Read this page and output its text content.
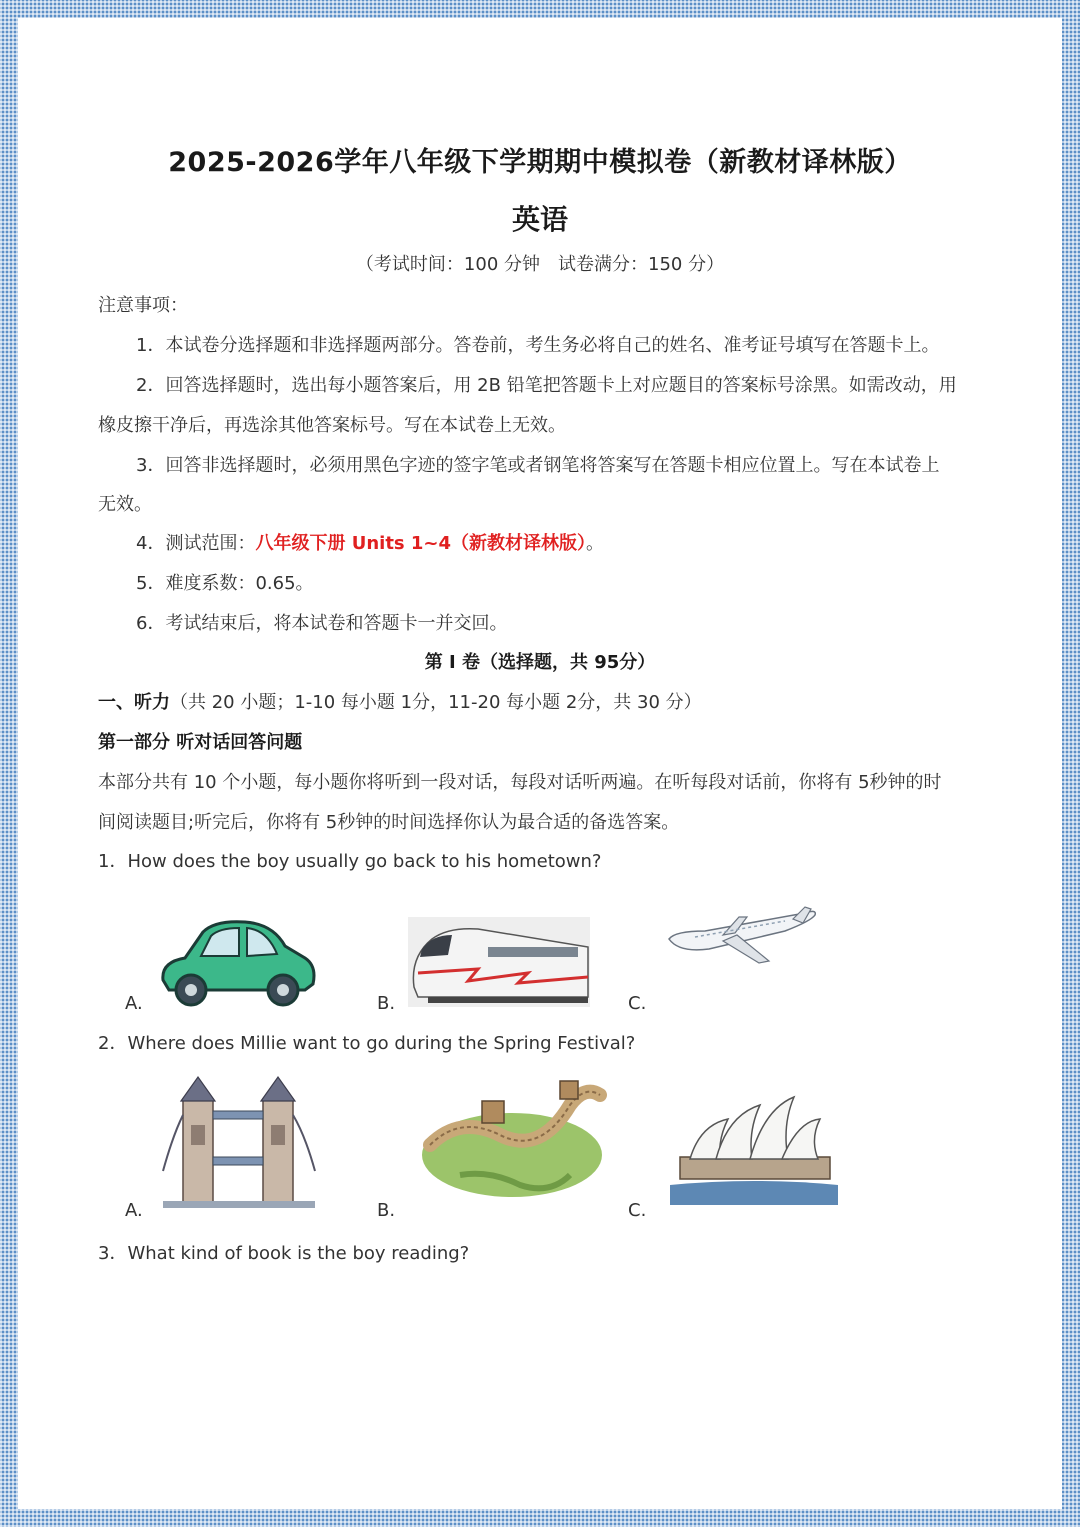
2025-2026学年八年级下学期期中模拟卷（新教材译林版）
英语
（考试时间：100 分钟　试卷满分：150 分）
注意事项：
1．本试卷分选择题和非选择题两部分。答卷前，考生务必将自己的姓名、准考证号填写在答题卡上。
2．回答选择题时，选出每小题答案后，用 2B 铅笔把答题卡上对应题目的答案标号涂黑。如需改动，用
橡皮擦干净后，再选涂其他答案标号。写在本试卷上无效。
3．回答非选择题时，必须用黑色字迹的签字笔或者钢笔将答案写在答题卡相应位置上。写在本试卷上
无效。
4．测试范围：八年级下册 Units 1~4（新教材译林版）。
5．难度系数：0.65。
6．考试结束后，将本试卷和答题卡一并交回。
第 I 卷（选择题，共 95分）
一、听力（共 20 小题；1-10 每小题 1分，11-20 每小题 2分，共 30 分）
第一部分 听对话回答问题
本部分共有 10 个小题，每小题你将听到一段对话，每段对话听两遍。在听每段对话前，你将有 5秒钟的时
间阅读题目;听完后，你将有 5秒钟的时间选择你认为最合适的备选答案。
1．How does the boy usually go back to his hometown?
A.	B.	C.
2．Where does Millie want to go during the Spring Festival?
A.	B.	C.
3．What kind of book is the boy reading?
